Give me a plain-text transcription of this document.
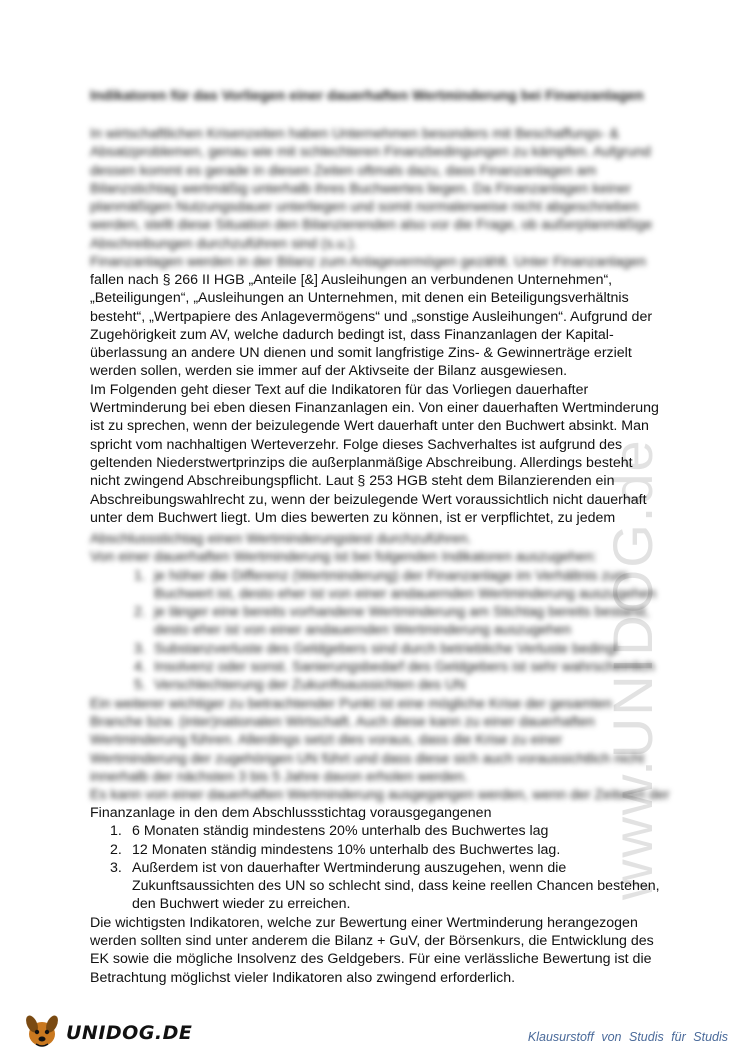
www.UNIDOG.de
Indikatoren für das Vorliegen einer dauerhaften Wertminderung bei Finanzanlagen
In wirtschaftlichen Krisenzeiten haben Unternehmen besonders mit Beschaffungs- & Absatzproblemen, genau wie mit schlechteren Finanzbedingungen zu kämpfen. Aufgrund dessen kommt es gerade in diesen Zeiten oftmals dazu, dass Finanzanlagen am Bilanzstichtag wertmäßig unterhalb ihres Buchwertes liegen. Da Finanzanlagen keiner planmäßigen Nutzungsdauer unterliegen und somit normalerweise nicht abgeschrieben werden, stellt diese Situation den Bilanzierenden also vor die Frage, ob außerplanmäßige Abschreibungen durchzuführen sind (s.u.).
Finanzanlagen werden in der Bilanz zum Anlagevermögen gezählt. Unter Finanzanlagen

fallen nach § 266 II HGB „Anteile [&] Ausleihungen an verbundenen Unternehmen“, „Beteiligungen“, „Ausleihungen an Unternehmen, mit denen ein Beteiligungsverhältnis besteht“, „Wertpapiere des Anlagevermögens“ und „sonstige Ausleihungen“. Aufgrund der Zugehörigkeit zum AV, welche dadurch bedingt ist, dass Finanzanlagen der Kapital-überlassung an andere UN dienen und somit langfristige Zins- & Gewinnerträge erzielt werden sollen, werden sie immer auf der Aktivseite der Bilanz ausgewiesen.

Im Folgenden geht dieser Text auf die Indikatoren für das Vorliegen dauerhafter Wertminderung bei eben diesen Finanzanlagen ein. Von einer dauerhaften Wertminderung ist zu sprechen, wenn der beizulegende Wert dauerhaft unter den Buchwert absinkt. Man spricht vom nachhaltigen Werteverzehr. Folge dieses Sachverhaltes ist aufgrund des geltenden Niederstwertprinzips die außerplanmäßige Abschreibung. Allerdings besteht nicht zwingend Abschreibungspflicht. Laut § 253 HGB steht dem Bilanzierenden ein Abschreibungswahlrecht zu, wenn der beizulegende Wert voraussichtlich nicht dauerhaft unter dem Buchwert liegt. Um dies bewerten zu können, ist er verpflichtet, zu jedem

Abschlussstichtag einen Wertminderungstest durchzuführen.
Von einer dauerhaften Wertminderung ist bei folgenden Indikatoren auszugehen:
1. je höher die Differenz (Wertminderung) der Finanzanlage im Verhältnis zum Buchwert ist, desto eher ist von einer andauernden Wertminderung auszugehen
2. je länger eine bereits vorhandene Wertminderung am Stichtag bereits bestand, desto eher ist von einer andauernden Wertminderung auszugehen
3. Substanzverluste des Geldgebers sind durch betriebliche Verluste bedingt
4. Insolvenz oder sonst. Sanierungsbedarf des Geldgebers ist sehr wahrscheinlich
5. Verschlechterung der Zukunftsaussichten des UN
Ein weiterer wichtiger zu betrachtender Punkt ist eine mögliche Krise der gesamten Branche bzw. (inter)nationalen Wirtschaft. Auch diese kann zu einer dauerhaften Wertminderung führen. Allerdings setzt dies voraus, dass die Krise zu einer Wertminderung der zugehörigen UN führt und dass diese sich auch voraussichtlich nicht innerhalb der nächsten 3 bis 5 Jahre davon erholen werden.
Es kann von einer dauerhaften Wertminderung ausgegangen werden, wenn der Zeitwert der

Finanzanlage in den dem Abschlussstichtag vorausgegangenen

1. 6 Monaten ständig mindestens 20% unterhalb des Buchwertes lag
2. 12 Monaten ständig mindestens 10% unterhalb des Buchwertes lag.
3. Außerdem ist von dauerhafter Wertminderung auszugehen, wenn die Zukunftsaussichten des UN so schlecht sind, dass keine reellen Chancen bestehen, den Buchwert wieder zu erreichen.

Die wichtigsten Indikatoren, welche zur Bewertung einer Wertminderung herangezogen werden sollten sind unter anderem die Bilanz + GuV, der Börsenkurs, die Entwicklung des EK sowie die mögliche Insolvenz des Geldgebers. Für eine verlässliche Bewertung ist die Betrachtung möglichst vieler Indikatoren also zwingend erforderlich.

UNIDOG.DE	Klausurstoff von Studis für Studis
